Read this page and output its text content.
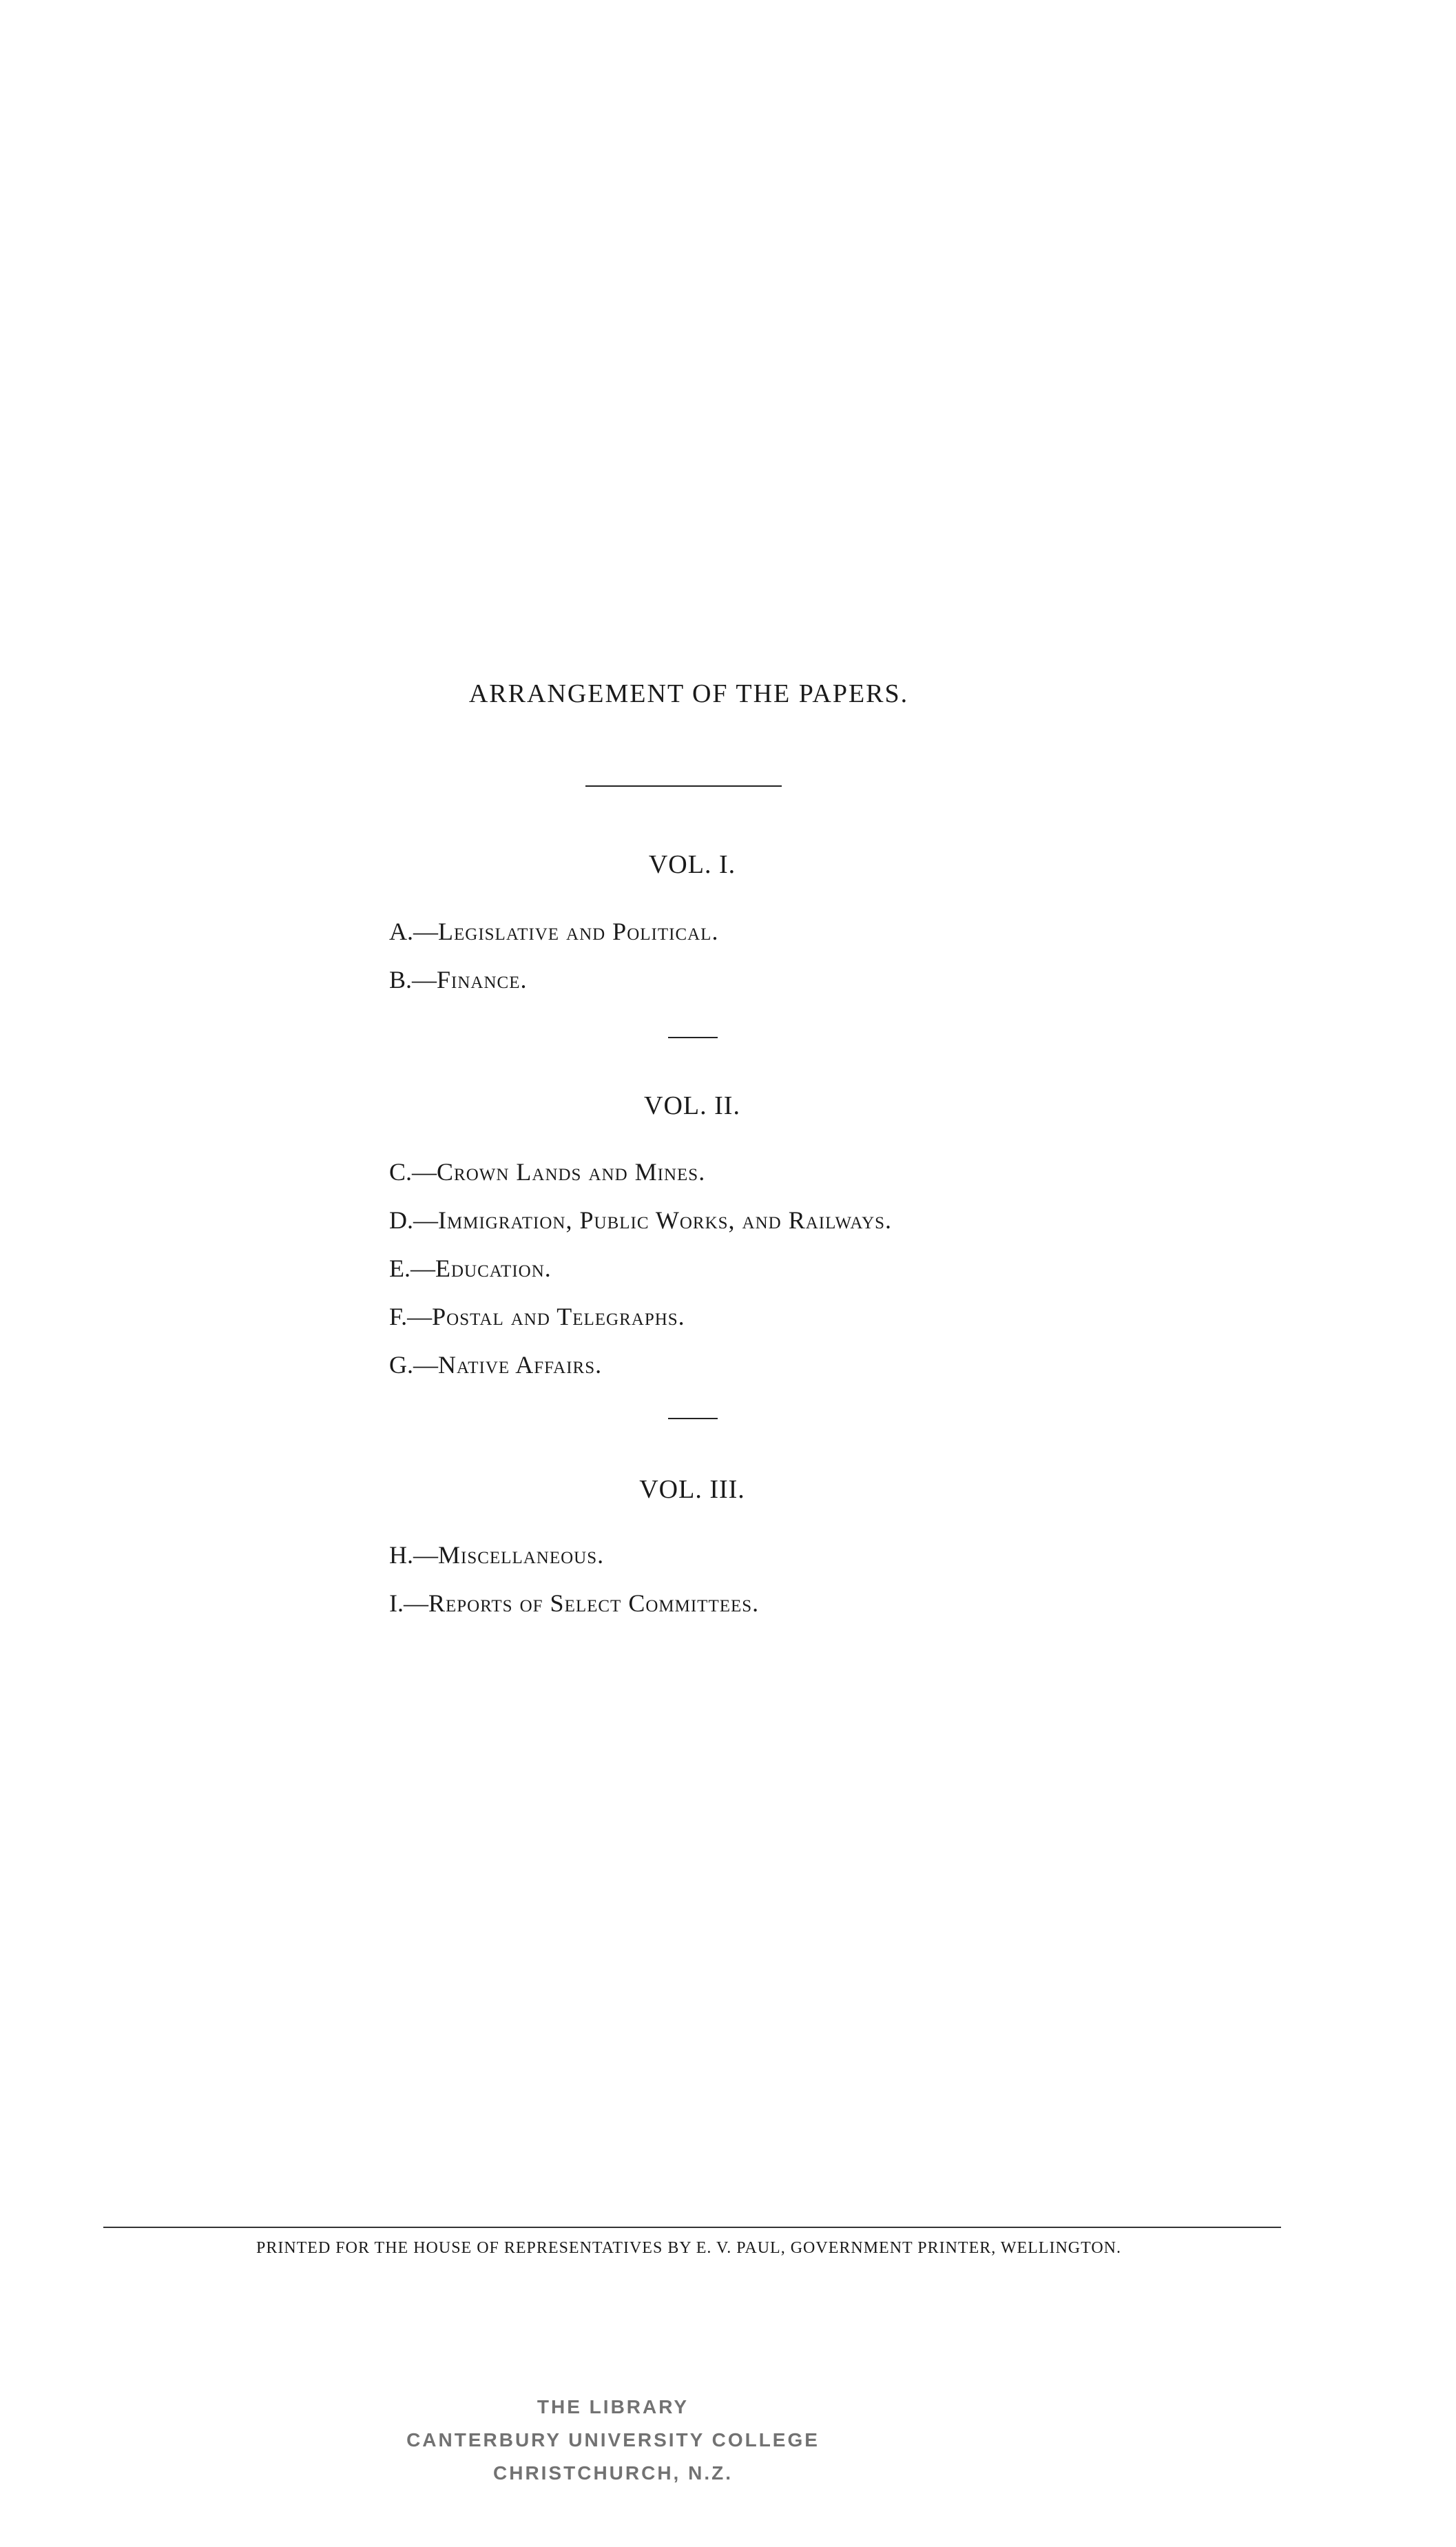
ARRANGEMENT OF THE PAPERS.
VOL. I.
A.—Legislative and Political.
B.—Finance.
VOL. II.
C.—Crown Lands and Mines.
D.—Immigration, Public Works, and Railways.
E.—Education.
F.—Postal and Telegraphs.
G.—Native Affairs.
VOL. III.
H.—Miscellaneous.
I.—Reports of Select Committees.
PRINTED FOR THE HOUSE OF REPRESENTATIVES BY E. V. PAUL, GOVERNMENT PRINTER, WELLINGTON.
THE LIBRARY
CANTERBURY UNIVERSITY COLLEGE
CHRISTCHURCH, N.Z.
